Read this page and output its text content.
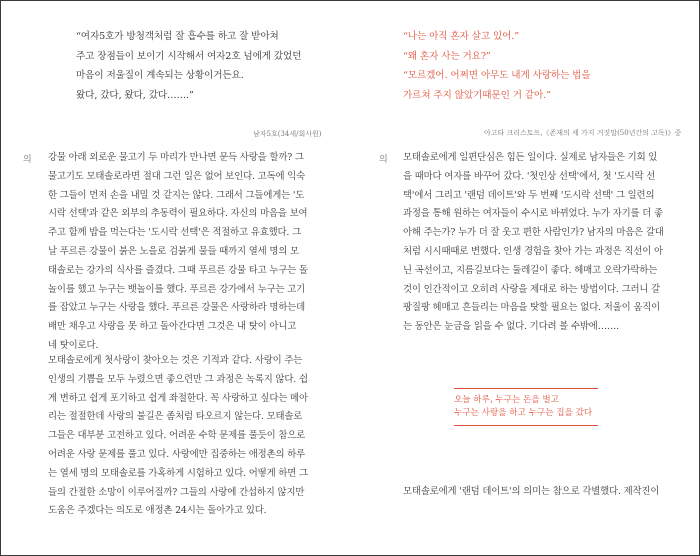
“여자5호가 방청객처럼 잘 흡수를 하고 잘 받아쳐

주고 장점들이 보이기 시작해서 여자2호 넘에게 갔었던

마음이 저울질이 계속되는 상황이거든요.

왔다, 갔다, 왔다, 갔다…….”

남자5호(34세/회사원)
의 강물 아래 외로운 물고기 두 마리가 만나면 문득 사랑을 할까? 그

물고기도 모태솔로라면 절대 그런 일은 없어 보인다. 고독에 익숙

한 그들이 먼저 손을 내밀 것 같지는 않다. 그래서 그들에게는 '도

시락 선택'과 같은 외부의 추동력이 필요하다. 자신의 마음을 보여

주고 함께 밥을 먹는다는 '도시락 선택'은 적절하고 유효했다. 그

날 푸르른 강물이 붉은 노을로 검붉게 물들 때까지 열세 명의 모

태솔로는 강가의 식사를 즐겼다. 그때 푸르른 강물 타고 누구는 돌

놀이를 했고 누구는 뱃놀이를 했다. 푸르른 강가에서 누구는 고기

를 잡았고 누구는 사랑을 했다. 푸르른 강물은 사랑하라 명하는데

배만 채우고 사랑을 못 하고 돌아간다면 그것은 내 탓이 아니고

네 탓이로다.

모태솔로에게 첫사랑이 찾아오는 것은 기적과 같다. 사랑이 주는

인생의 기쁨을 모두 누렸으면 좋으련만 그 과정은 녹록지 않다. 쉽

게 변하고 쉽게 포기하고 쉽게 좌절한다. 꼭 사랑하고 싶다는 메아

리는 절절한데 사랑의 불길은 좀처럼 타오르지 않는다. 모태솔로

그들은 대부분 고전하고 있다. 어려운 수학 문제를 풀듯이 참으로

어려운 사랑 문제를 풀고 있다. 사랑에만 집중하는 애정촌의 하루

는 열세 명의 모태솔로를 가혹하게 시험하고 있다. 어떻게 하면 그

들의 간절한 소망이 이루어질까? 그들의 사랑에 간섭하지 않지만

도움은 주겠다는 의도로 애정촌 24시는 돌아가고 있다.

“나는 아직 혼자 살고 있어.”

“왜 혼자 사는 거요?”

“모르겠어. 어쩌면 아무도 내게 사랑하는 법을

가르쳐 주지 않았기때문인 거 같아.”

아고타 크리스토프,《존재의 세 가지 거짓말(50년간의 고독)》중
의 모태솔로에게 일편단심은 힘든 일이다. 실제로 남자들은 기회 있

을 때마다 여자를 바꾸어 갔다. '첫인상 선택'에서, 첫 '도시락 선

택'에서 그리고 '랜덤 데이트'와 두 번째 '도시락 선택' 그 일련의

과정을 통해 원하는 여자들이 수시로 바뀌었다. 누가 자기를 더 좋

아해 주는가? 누가 더 잘 웃고 편한 사람인가? 남자의 마음은 갈대

처럼 시시때때로 변했다. 인생 경험을 찾아 가는 과정은 직선이 아

닌 곡선이고, 지름길보다는 둘레길이 좋다. 헤매고 오락가락하는

것이 인간적이고 오히려 사랑을 제대로 하는 방법이다. 그러니 갈

팡질팡 헤매고 흔들리는 마음을 탓할 필요는 없다. 저울이 움직이

는 동안은 눈금을 읽을 수 없다. 기다려 볼 수밖에…….

오늘 하루, 누구는 돈을 벌고

누구는 사랑을 하고 누구는 집을 갔다

모태솔로에게 '랜덤 데이트'의 의미는 참으로 각별했다. 제작진이
